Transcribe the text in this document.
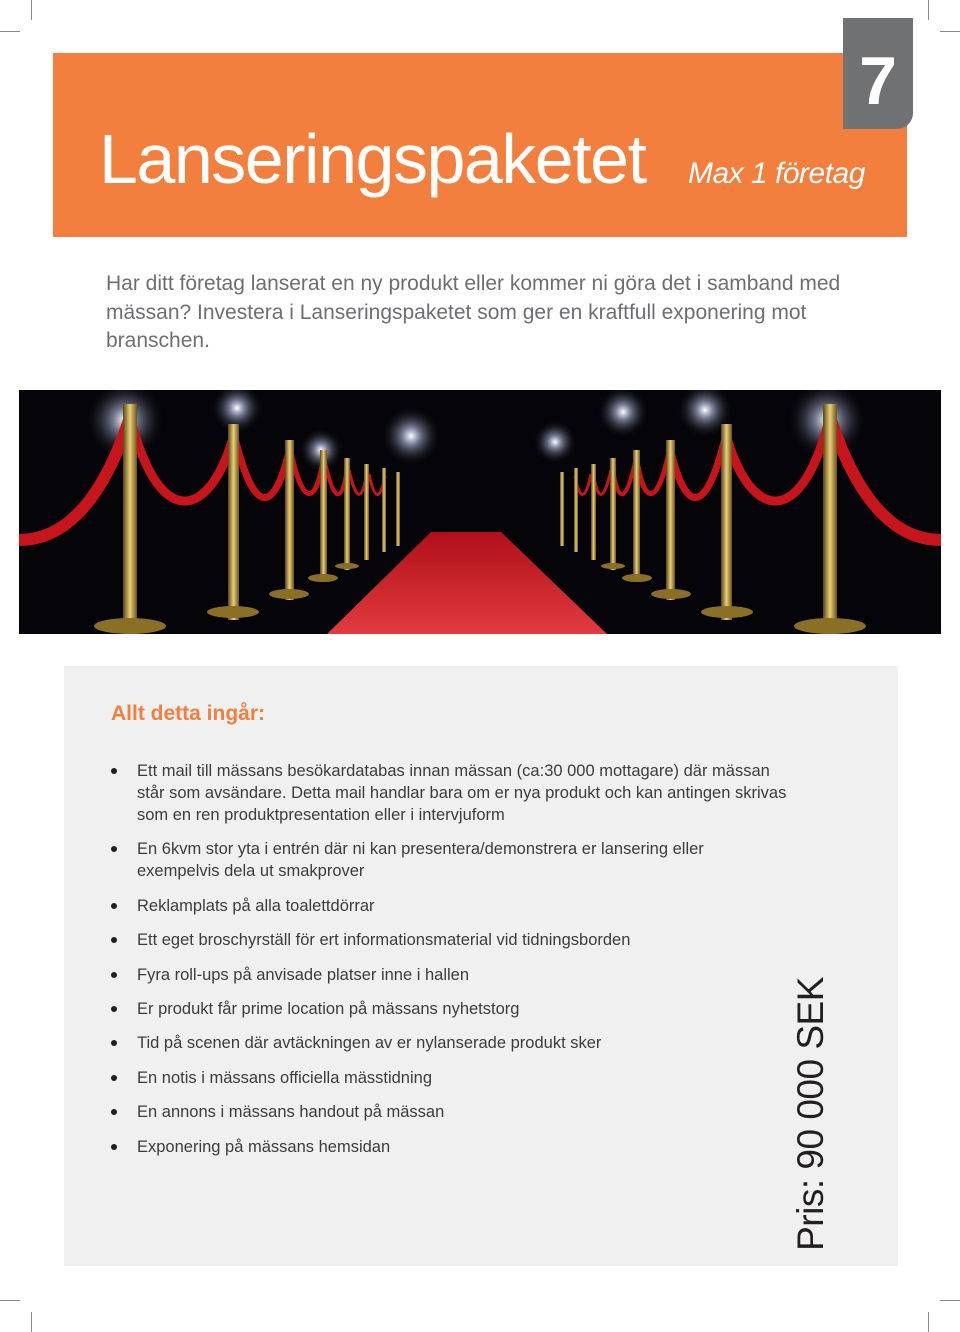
7
Lanseringspaketet Max 1 företag

Har ditt företag lanserat en ny produkt eller kommer ni göra det i samband med mässan? Investera i Lanseringspaketet som ger en kraftfull exponering mot branschen.

Allt detta ingår:
Ett mail till mässans besökardatabas innan mässan (ca:30 000 mottagare) där mässan står som avsändare. Detta mail handlar bara om er nya produkt och kan antingen skrivas som en ren produktpresentation eller i intervjuform
En 6kvm stor yta i entrén där ni kan presentera/demonstrera er lansering eller exempelvis dela ut smakprover
Reklamplats på alla toalettdörrar
Ett eget broschyrställ för ert informationsmaterial vid tidningsborden
Fyra roll-ups på anvisade platser inne i hallen
Er produkt får prime location på mässans nyhetstorg
Tid på scenen där avtäckningen av er nylanserade produkt sker
En notis i mässans officiella mässtidning
En annons i mässans handout på mässan
Exponering på mässans hemsidan	Pris: 90 000 SEK
